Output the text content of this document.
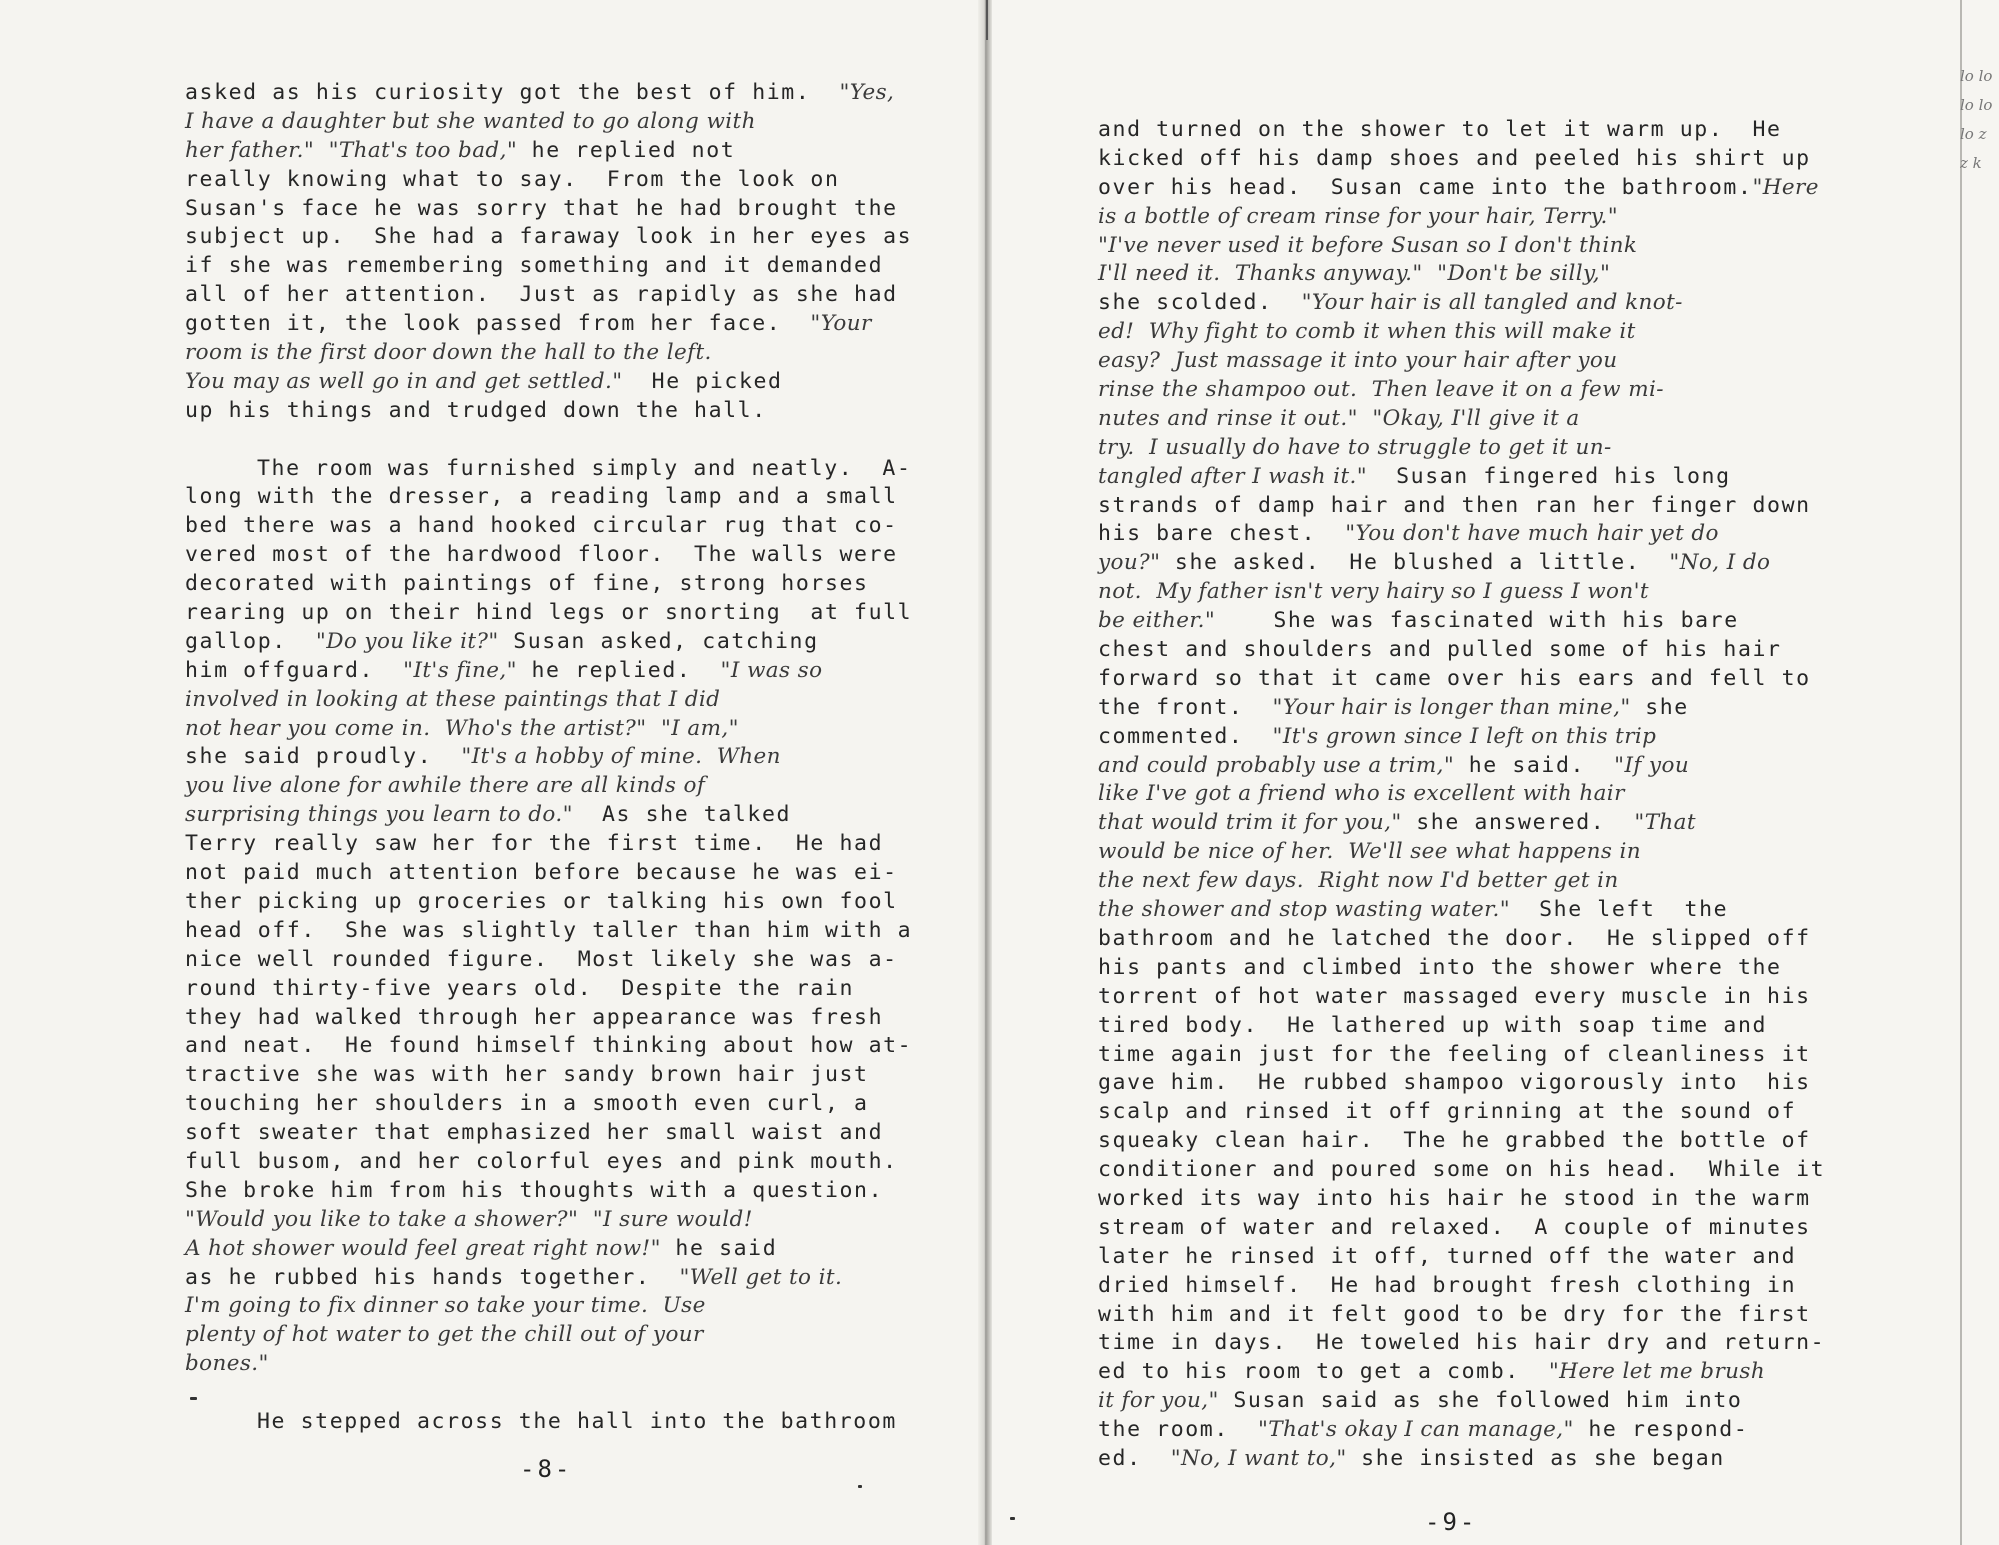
asked as his curiosity got the best of him.  "Yes,
I have a daughter but she wanted to go along with
her father."  "That's too bad," he replied not
really knowing what to say.  From the look on
Susan's face he was sorry that he had brought the
subject up.  She had a faraway look in her eyes as
if she was remembering something and it demanded
all of her attention.  Just as rapidly as she had
gotten it, the look passed from her face.  "Your
room is the first door down the hall to the left.
You may as well go in and get settled."  He picked
up his things and trudged down the hall.

The room was furnished simply and neatly.  A-
long with the dresser, a reading lamp and a small
bed there was a hand hooked circular rug that co-
vered most of the hardwood floor.  The walls were
decorated with paintings of fine, strong horses
rearing up on their hind legs or snorting  at full
gallop.  "Do you like it?" Susan asked, catching
him offguard.  "It's fine," he replied.  "I was so
involved in looking at these paintings that I did
not hear you come in.  Who's the artist?"  "I am,"
she said proudly.  "It's a hobby of mine.  When
you live alone for awhile there are all kinds of
surprising things you learn to do."  As she talked
Terry really saw her for the first time.  He had
not paid much attention before because he was ei-
ther picking up groceries or talking his own fool
head off.  She was slightly taller than him with a
nice well rounded figure.  Most likely she was a-
round thirty-five years old.  Despite the rain
they had walked through her appearance was fresh
and neat.  He found himself thinking about how at-
tractive she was with her sandy brown hair just
touching her shoulders in a smooth even curl, a
soft sweater that emphasized her small waist and
full busom, and her colorful eyes and pink mouth.
She broke him from his thoughts with a question.
"Would you like to take a shower?"  "I sure would!
A hot shower would feel great right now!" he said
as he rubbed his hands together.  "Well get to it.
I'm going to fix dinner so take your time.  Use
plenty of hot water to get the chill out of your
bones."

He stepped across the hall into the bathroom
-8-
and turned on the shower to let it warm up.  He
kicked off his damp shoes and peeled his shirt up
over his head.  Susan came into the bathroom."Here
is a bottle of cream rinse for your hair, Terry."
"I've never used it before Susan so I don't think
I'll need it.  Thanks anyway."  "Don't be silly,"
she scolded.  "Your hair is all tangled and knot-
ed!  Why fight to comb it when this will make it
easy?  Just massage it into your hair after you
rinse the shampoo out.  Then leave it on a few mi-
nutes and rinse it out."  "Okay, I'll give it a
try.  I usually do have to struggle to get it un-
tangled after I wash it."  Susan fingered his long
strands of damp hair and then ran her finger down
his bare chest.  "You don't have much hair yet do
you?" she asked.  He blushed a little.  "No, I do
not.  My father isn't very hairy so I guess I won't
be either."    She was fascinated with his bare
chest and shoulders and pulled some of his hair
forward so that it came over his ears and fell to
the front.  "Your hair is longer than mine," she
commented.  "It's grown since I left on this trip
and could probably use a trim," he said.  "If you
like I've got a friend who is excellent with hair
that would trim it for you," she answered.  "That
would be nice of her.  We'll see what happens in
the next few days.  Right now I'd better get in
the shower and stop wasting water."  She left  the
bathroom and he latched the door.  He slipped off
his pants and climbed into the shower where the
torrent of hot water massaged every muscle in his
tired body.  He lathered up with soap time and
time again just for the feeling of cleanliness it
gave him.  He rubbed shampoo vigorously into  his
scalp and rinsed it off grinning at the sound of
squeaky clean hair.  The he grabbed the bottle of
conditioner and poured some on his head.  While it
worked its way into his hair he stood in the warm
stream of water and relaxed.  A couple of minutes
later he rinsed it off, turned off the water and
dried himself.  He had brought fresh clothing in
with him and it felt good to be dry for the first
time in days.  He toweled his hair dry and return-
ed to his room to get a comb.  "Here let me brush
it for you," Susan said as she followed him into
the room.  "That's okay I can manage," he respond-
ed.  "No, I want to," she insisted as she began
-9-
lo lo lo lo lo z z k
